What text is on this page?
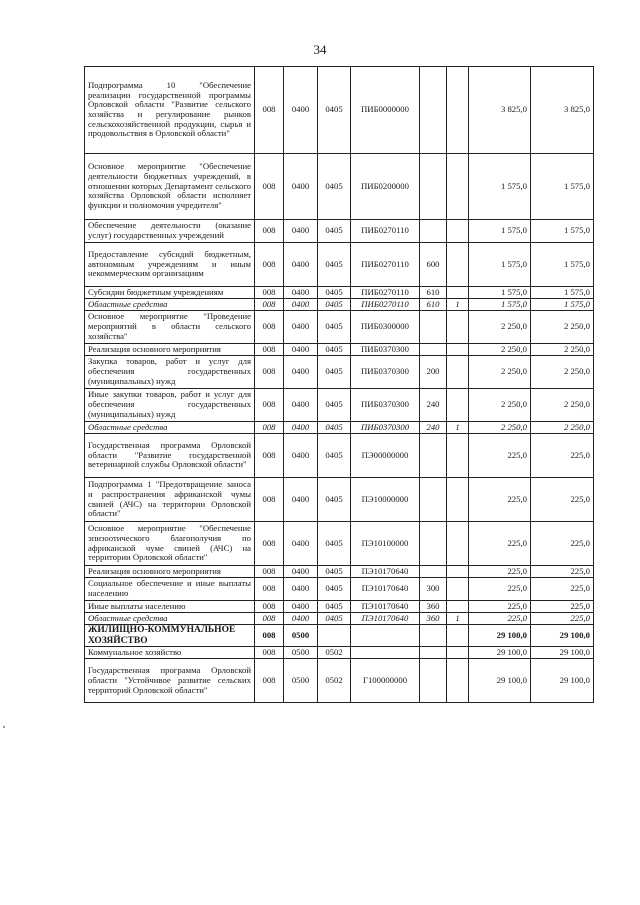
34
Подпрограмма 10 "Обеспечение реализации государственной программы Орловской области "Развитие сельского хозяйства и регулирование рынков сельскохозяйственной продукции, сырья и продовольствия в Орловской области"	008	0400	0405	ПИБ0000000			3 825,0	3 825,0
Основное мероприятие "Обеспечение деятельности бюджетных учреждений, в отношении которых Департамент сельского хозяйства Орловской области исполняет функции и полномочия учредителя"	008	0400	0405	ПИБ0200000			1 575,0	1 575,0
Обеспечение деятельности (оказание услуг) государственных учреждений	008	0400	0405	ПИБ0270110			1 575,0	1 575,0
Предоставление субсидий бюджетным, автономным учреждениям и иным некоммерческим организациям	008	0400	0405	ПИБ0270110	600		1 575,0	1 575,0
Субсидии бюджетным учреждениям	008	0400	0405	ПИБ0270110	610		1 575,0	1 575,0
Областные средства	008	0400	0405	ПИБ0270110	610	1	1 575,0	1 575,0
Основное мероприятие "Проведение мероприятий в области сельского хозяйства"	008	0400	0405	ПИБ0300000			2 250,0	2 250,0
Реализация основного мероприятия	008	0400	0405	ПИБ0370300			2 250,0	2 250,0
Закупка товаров, работ и услуг для обеспечения государственных (муниципальных) нужд	008	0400	0405	ПИБ0370300	200		2 250,0	2 250,0
Иные закупки товаров, работ и услуг для обеспечения государственных (муниципальных) нужд	008	0400	0405	ПИБ0370300	240		2 250,0	2 250,0
Областные средства	008	0400	0405	ПИБ0370300	240	1	2 250,0	2 250,0
Государственная программа Орловской области "Развитие государственной ветеринарной службы Орловской области"	008	0400	0405	ПЭ00000000			225,0	225,0
Подпрограмма 1 "Предотвращение заноса и распространения африканской чумы свиней (АЧС) на территории Орловской области"	008	0400	0405	ПЭ10000000			225,0	225,0
Основное мероприятие "Обеспечение эпизоотического благополучия по африканской чуме свиней (АЧС) на территории Орловской области"	008	0400	0405	ПЭ10100000			225,0	225,0
Реализация основного мероприятия	008	0400	0405	ПЭ10170640			225,0	225,0
Социальное обеспечение и иные выплаты населению	008	0400	0405	ПЭ10170640	300		225,0	225,0
Иные выплаты населению	008	0400	0405	ПЭ10170640	360		225,0	225,0
Областные средства	008	0400	0405	ПЭ10170640	360	1	225,0	225,0
ЖИЛИЩНО-КОММУНАЛЬНОЕ ХОЗЯЙСТВО	008	0500					29 100,0	29 100,0
Коммунальное хозяйство	008	0500	0502				29 100,0	29 100,0
Государственная программа Орловской области "Устойчивое развитие сельских территорий Орловской области"	008	0500	0502	Г100000000			29 100,0	29 100,0
